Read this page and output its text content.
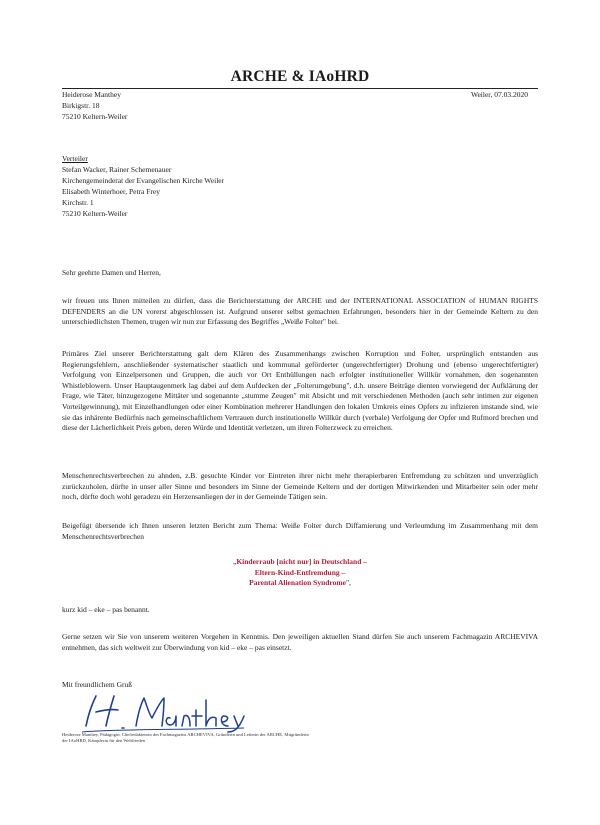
ARCHE & IAoHRD
Heiderose Manthey
Birkigstr. 18
75210 Keltern-Weiler
Weiler, 07.03.2020
Verteiler
Stefan Wacker, Rainer Schemenauer
Kirchengemeinderat der Evangelischen Kirche Weiler
Elisabeth Winterhoer, Petra Frey
Kirchstr. 1
75210 Keltern-Weiler
Sehr geehrte Damen und Herren,

wir freuen uns Ihnen mitteilen zu dürfen, dass die Berichterstattung der ARCHE und der INTERNATIONAL ASSOCIATION of HUMAN RIGHTS DEFENDERS an die UN vorerst abgeschlossen ist. Aufgrund unserer selbst gemachten Erfahrungen, besonders hier in der Gemeinde Keltern zu den unterschiedlichsten Themen, trugen wir nun zur Erfassung des Begriffes „Weiße Folter" bei.

Primäres Ziel unserer Berichterstattung galt dem Klären des Zusammenhangs zwischen Korruption und Folter, ursprünglich entstanden aus Regierungsfehlern, anschließender systematischer staatlich und kommunal geförderter (ungerechtfertigter) Drohung und (ebenso ungerechtfertigter) Verfolgung von Einzelpersonen und Gruppen, die auch vor Ort Enthüllungen nach erfolgter institutioneller Willkür vornahmen, den sogenannten Whistleblowern. Unser Hauptaugenmerk lag dabei auf dem Aufdecken der „Folterumgebung", d.h. unsere Beiträge dienten vorwiegend der Aufklärung der Frage, wie Täter, hinzugezogene Mittäter und sogenannte „stumme Zeugen" mit Absicht und mit verschiedenen Methoden (auch sehr intimen zur eigenen Vorteilgewinnung), mit Einzelhandlungen oder einer Kombination mehrerer Handlungen den lokalen Umkreis eines Opfers zu infizieren imstande sind, wie sie das inhärente Bedürfnis nach gemeinschaftlichem Vertrauen durch institutionelle Willkür durch (verbale) Verfolgung der Opfer und Rufmord brechen und diese der Lächerlichkeit Preis geben, deren Würde und Identität verletzen, um ihren Folterzweck zu erreichen.

Menschenrechtsverbrechen zu ahnden, z.B. gesuchte Kinder vor Eintreten ihrer nicht mehr therapierbaren Entfremdung zu schützen und unverzüglich zurückzuholen, dürfte in unser aller Sinne und besonders im Sinne der Gemeinde Keltern und der dortigen Mitwirkenden und Mitarbeiter sein oder mehr noch, dürfte doch wohl geradezu ein Herzensanliegen der in der Gemeinde Tätigen sein.

Beigefügt übersende ich Ihnen unseren letzten Bericht zum Thema: Weiße Folter durch Diffamierung und Verleumdung im Zusammenhang mit dem Menschenrechtsverbrechen

„Kinderraub [nicht nur] in Deutschland –
Eltern-Kind-Entfremdung –
Parental Alienation Syndrome",
kurz kid – eke – pas benannt.

Gerne setzen wir Sie von unserem weiteren Vorgehen in Kenntnis. Den jeweiligen aktuellen Stand dürfen Sie auch unserem Fachmagazin ARCHEVIVA entnehmen, das sich weltweit zur Überwindung von kid – eke – pas einsetzt.

Mit freundlichem Gruß
Heiderose Manthey, Pädagogin, Chefredakteurin des Fachmagazins ARCHEVIVA, Gründerin und Leiterin der ARCHE, Mitgründerin der IAoHRD, Kämpferin für den Weltfrieden
